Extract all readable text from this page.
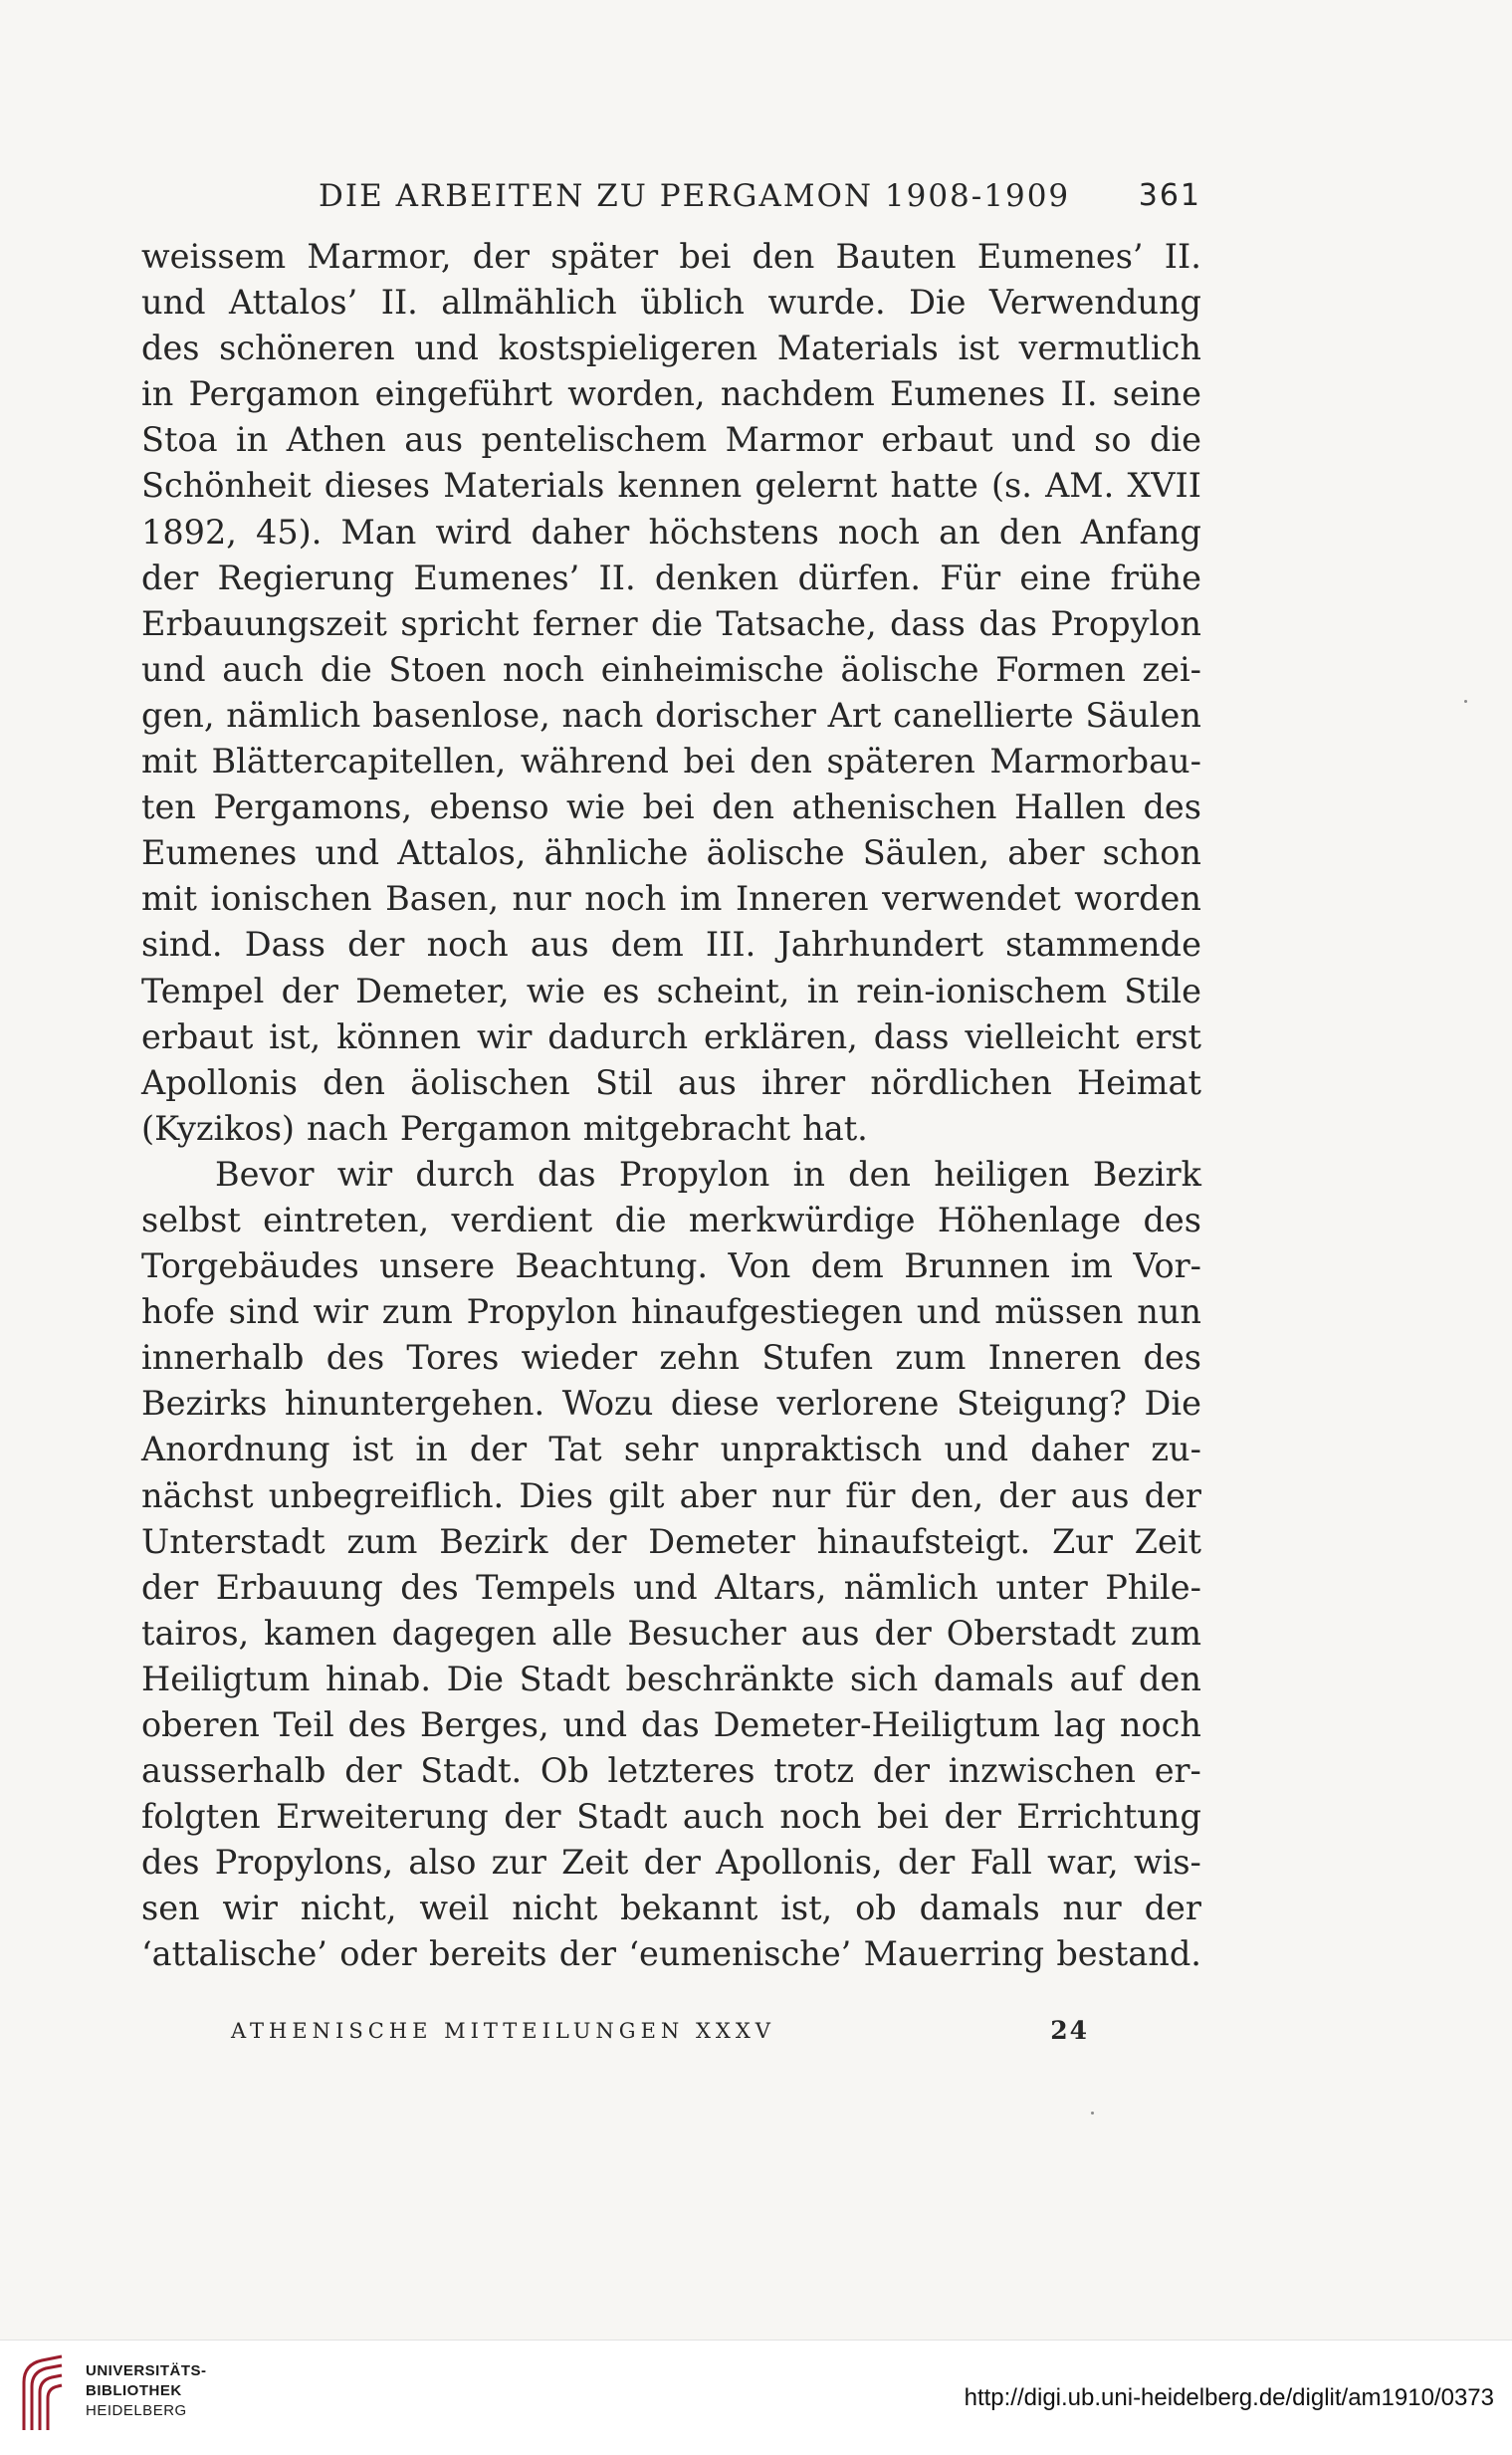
DIE ARBEITEN ZU PERGAMON 1908-1909 361
weissem Marmor, der später bei den Bauten Eumenes’ II.
und Attalos’ II. allmählich üblich wurde. Die Verwendung
des schöneren und kostspieligeren Materials ist vermutlich
in Pergamon eingeführt worden, nachdem Eumenes II. seine
Stoa in Athen aus pentelischem Marmor erbaut und so die
Schönheit dieses Materials kennen gelernt hatte (s. AM. XVII
1892, 45). Man wird daher höchstens noch an den Anfang
der Regierung Eumenes’ II. denken dürfen. Für eine frühe
Erbauungszeit spricht ferner die Tatsache, dass das Propylon
und auch die Stoen noch einheimische äolische Formen zei-
gen, nämlich basenlose, nach dorischer Art canellierte Säulen
mit Blättercapitellen, während bei den späteren Marmorbau-
ten Pergamons, ebenso wie bei den athenischen Hallen des
Eumenes und Attalos, ähnliche äolische Säulen, aber schon
mit ionischen Basen, nur noch im Inneren verwendet worden
sind. Dass der noch aus dem III. Jahrhundert stammende
Tempel der Demeter, wie es scheint, in rein-ionischem Stile
erbaut ist, können wir dadurch erklären, dass vielleicht erst
Apollonis den äolischen Stil aus ihrer nördlichen Heimat
(Kyzikos) nach Pergamon mitgebracht hat.
Bevor wir durch das Propylon in den heiligen Bezirk
selbst eintreten, verdient die merkwürdige Höhenlage des
Torgebäudes unsere Beachtung. Von dem Brunnen im Vor-
hofe sind wir zum Propylon hinaufgestiegen und müssen nun
innerhalb des Tores wieder zehn Stufen zum Inneren des
Bezirks hinuntergehen. Wozu diese verlorene Steigung? Die
Anordnung ist in der Tat sehr unpraktisch und daher zu-
nächst unbegreiflich. Dies gilt aber nur für den, der aus der
Unterstadt zum Bezirk der Demeter hinaufsteigt. Zur Zeit
der Erbauung des Tempels und Altars, nämlich unter Phile-
tairos, kamen dagegen alle Besucher aus der Oberstadt zum
Heiligtum hinab. Die Stadt beschränkte sich damals auf den
oberen Teil des Berges, und das Demeter-Heiligtum lag noch
ausserhalb der Stadt. Ob letzteres trotz der inzwischen er-
folgten Erweiterung der Stadt auch noch bei der Errichtung
des Propylons, also zur Zeit der Apollonis, der Fall war, wis-
sen wir nicht, weil nicht bekannt ist, ob damals nur der
‘attalische’ oder bereits der ‘eumenische’ Mauerring bestand.
ATHENISCHE MITTEILUNGEN XXXV	24
UNIVERSITÄTS-
BIBLIOTHEK
HEIDELBERG	http://digi.ub.uni-heidelberg.de/diglit/am1910/0373
